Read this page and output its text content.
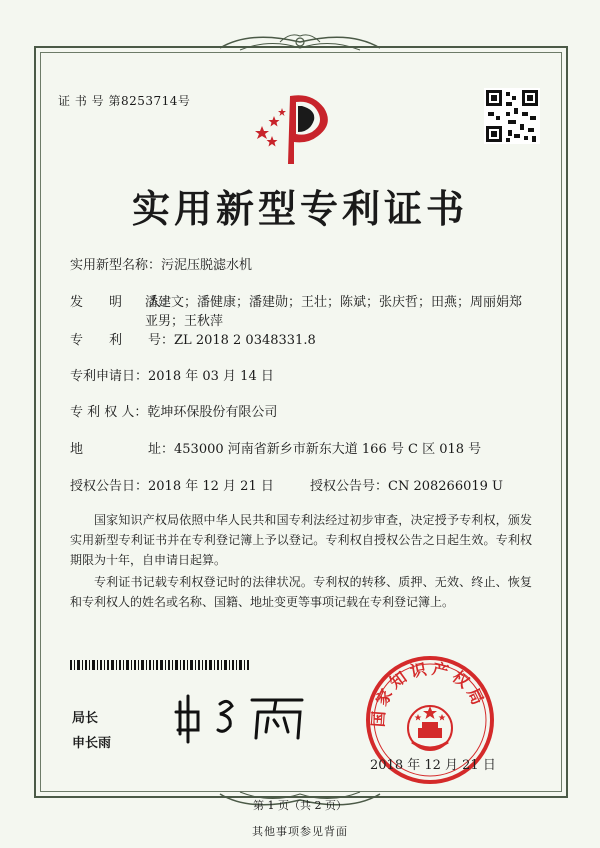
证 书 号 第8253714号
实用新型专利证书
实用新型名称：污泥压脱滤水机
发　　明　　人：
潘建文；潘健康；潘建勋；王壮；陈斌；张庆哲；田燕；周丽娟郑亚男；王秋萍
专　　利　　号：ZL 2018 2 0348331.8
专利申请日：2018 年 03 月 14 日
专 利 权 人：乾坤环保股份有限公司
地　　　　　址：453000 河南省新乡市新东大道 166 号 C 区 018 号
授权公告日：2018 年 12 月 21 日	授权公告号：CN 208266019 U
国家知识产权局依照中华人民共和国专利法经过初步审查，决定授予专利权，颁发实用新型专利证书并在专利登记簿上予以登记。专利权自授权公告之日起生效。专利权期限为十年，自申请日起算。
专利证书记载专利权登记时的法律状况。专利权的转移、质押、无效、终止、恢复和专利权人的姓名或名称、国籍、地址变更等事项记载在专利登记簿上。
局长
申长雨
国家知识产权局
2018 年 12 月 21 日
第 1 页（共 2 页）
其他事项参见背面
